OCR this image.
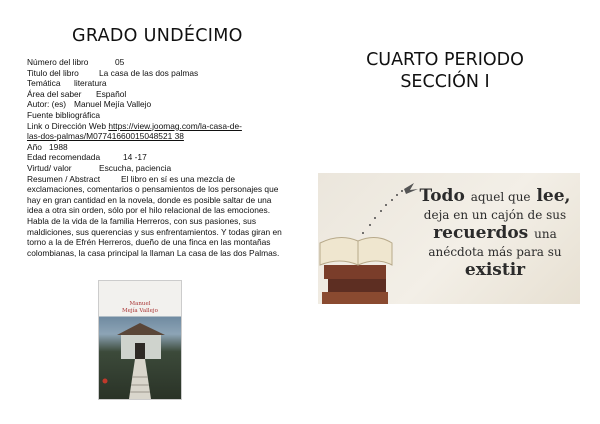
GRADO UNDÉCIMO
Número del libro	05
Titulo del libro La casa de las dos palmas
Temática literatura
Área del saber Español
Autor: (es) Manuel Mejía Vallejo
Fuente bibliográfica
Link o Dirección Web https://view.joomag.com/la-casa-de-
las-dos-palmas/M07741660015048521 38
Año 1988
Edad recomendada	14 -17
Virtud/ valor	Escucha, paciencia
Resumen / Abstract El libro en sí es una mezcla de exclamaciones, comentarios o pensamientos de los personajes que hay en gran cantidad en la novela, donde es posible saltar de una idea a otra sin orden, sólo por el hilo relacional de las emociones. Habla de la vida de la familia Herreros, con sus pasiones, sus maldiciones, sus querencias y sus enfrentamientos. Y todas giran en torno a la de Efrén Herreros, dueño de una finca en las montañas colombianas, la casa principal la llaman La casa de las dos Palmas.
Manuel
Mejía Vallejo
CUARTO PERIODO
SECCIÓN I
Todo aquel que lee,
deja en un cajón de sus
recuerdos una
anécdota más para su
existir
